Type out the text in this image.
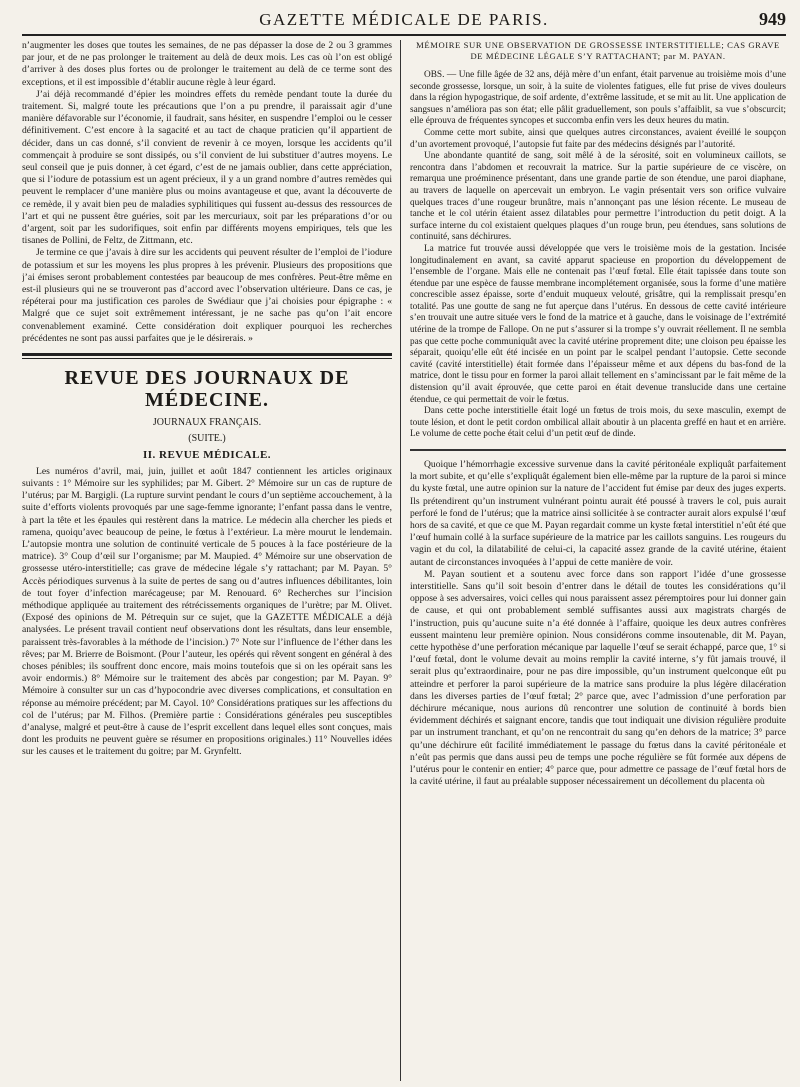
GAZETTE MÉDICALE DE PARIS.	949

n’augmenter les doses que toutes les semaines, de ne pas dépasser la dose de 2 ou 3 grammes par jour, et de ne pas prolonger le traitement au delà de deux mois. Les cas où l’on est obligé d’arriver à des doses plus fortes ou de prolonger le traitement au delà de ce terme sont des exceptions, et il est impossible d’établir aucune règle à leur égard.

J’ai déjà recommandé d’épier les moindres effets du remède pendant toute la durée du traitement. Si, malgré toute les précautions que l’on a pu prendre, il paraissait agir d’une manière défavorable sur l’économie, il faudrait, sans hésiter, en suspendre l’emploi ou le cesser définitivement. C’est encore à la sagacité et au tact de chaque praticien qu’il appartient de décider, dans un cas donné, s’il convient de revenir à ce moyen, lorsque les accidents qu’il commençait à produire se sont dissipés, ou s’il convient de lui substituer d’autres moyens. Le seul conseil que je puis donner, à cet égard, c’est de ne jamais oublier, dans cette appréciation, que si l’iodure de potassium est un agent précieux, il y a un grand nombre d’autres remèdes qui peuvent le remplacer d’une manière plus ou moins avantageuse et que, avant la découverte de ce remède, il y avait bien peu de maladies syphilitiques qui fussent au-dessus des ressources de l’art et qui ne pussent être guéries, soit par les mercuriaux, soit par les préparations d’or ou d’argent, soit par les sudorifiques, soit enfin par différents moyens empiriques, tels que les tisanes de Pollini, de Feltz, de Zittmann, etc.

Je termine ce que j’avais à dire sur les accidents qui peuvent résulter de l’emploi de l’iodure de potassium et sur les moyens les plus propres à les prévenir. Plusieurs des propositions que j’ai émises seront probablement contestées par beaucoup de mes confrères. Peut-être même en est-il plusieurs qui ne se trouveront pas d’accord avec l’observation ultérieure. Dans ce cas, je répéterai pour ma justification ces paroles de Swédiaur que j’ai choisies pour épigraphe : « Malgré que ce sujet soit extrêmement intéressant, je ne sache pas qu’on l’ait encore convenablement examiné. Cette considération doit expliquer pourquoi les recherches précédentes ne sont pas aussi parfaites que je le désirerais. »

REVUE DES JOURNAUX DE MÉDECINE.
JOURNAUX FRANÇAIS.
(SUITE.)
II. REVUE MÉDICALE.

Les numéros d’avril, mai, juin, juillet et août 1847 contiennent les articles originaux suivants : 1° Mémoire sur les syphilides; par M. Gibert. 2° Mémoire sur un cas de rupture de l’utérus; par M. Bargigli. (La rupture survint pendant le cours d’un septième accouchement, à la suite d’efforts violents provoqués par une sage-femme ignorante; l’enfant passa dans le ventre, à part la tête et les épaules qui restèrent dans la matrice. Le médecin alla chercher les pieds et ramena, quoiqu’avec beaucoup de peine, le fœtus à l’extérieur. La mère mourut le lendemain. L’autopsie montra une solution de continuité verticale de 5 pouces à la face postérieure de la matrice). 3° Coup d’œil sur l’organisme; par M. Maupied. 4° Mémoire sur une observation de grossesse utéro-interstitielle; cas grave de médecine légale s’y rattachant; par M. Payan. 5° Accès périodiques survenus à la suite de pertes de sang ou d’autres influences débilitantes, loin de tout foyer d’infection marécageuse; par M. Renouard. 6° Recherches sur l’incision méthodique appliquée au traitement des rétrécissements organiques de l’urètre; par M. Olivet. (Exposé des opinions de M. Pétrequin sur ce sujet, que la GAZETTE MÉDICALE a déjà analysées. Le présent travail contient neuf observations dont les résultats, dans leur ensemble, paraissent très-favorables à la méthode de l’incision.) 7° Note sur l’influence de l’éther dans les rêves; par M. Brierre de Boismont. (Pour l’auteur, les opérés qui rêvent songent en général à des choses pénibles; ils souffrent donc encore, mais moins toutefois que si on les opérait sans les avoir endormis.) 8° Mémoire sur le traitement des abcès par congestion; par M. Payan. 9° Mémoire à consulter sur un cas d’hypocondrie avec diverses complications, et consultation en réponse au mémoire précédent; par M. Cayol. 10° Considérations pratiques sur les affections du col de l’utérus; par M. Filhos. (Première partie : Considérations générales peu susceptibles d’analyse, malgré et peut-être à cause de l’esprit excellent dans lequel elles sont conçues, mais dont les produits ne peuvent guère se résumer en propositions originales.) 11° Nouvelles idées sur les causes et le traitement du goitre; par M. Grynfeltt.

MÉMOIRE SUR UNE OBSERVATION DE GROSSESSE INTERSTITIELLE; CAS GRAVE DE MÉDECINE LÉGALE S’Y RATTACHANT; par M. PAYAN.

OBS. — Une fille âgée de 32 ans, déjà mère d’un enfant, était parvenue au troisième mois d’une seconde grossesse, lorsque, un soir, à la suite de violentes fatigues, elle fut prise de vives douleurs dans la région hypogastrique, de soif ardente, d’extrême lassitude, et se mit au lit. Une application de sangsues n’améliora pas son état; elle pâlit graduellement, son pouls s’affaiblit, sa vue s’obscurcit; elle éprouva de fréquentes syncopes et succomba enfin vers les deux heures du matin.

Comme cette mort subite, ainsi que quelques autres circonstances, avaient éveillé le soupçon d’un avortement provoqué, l’autopsie fut faite par des médecins désignés par l’autorité.

Une abondante quantité de sang, soit mêlé à de la sérosité, soit en volumineux caillots, se rencontra dans l’abdomen et recouvrait la matrice. Sur la partie supérieure de ce viscère, on remarqua une proéminence présentant, dans une grande partie de son étendue, une paroi diaphane, au travers de laquelle on apercevait un embryon. Le vagin présentait vers son orifice vulvaire quelques traces d’une rougeur brunâtre, mais n’annonçant pas une lésion récente. Le museau de tanche et le col utérin étaient assez dilatables pour permettre l’introduction du petit doigt. A la surface interne du col existaient quelques plaques d’un rouge brun, peu étendues, sans solutions de continuité, sans déchirures.

La matrice fut trouvée aussi développée que vers le troisième mois de la gestation. Incisée longitudinalement en avant, sa cavité apparut spacieuse en proportion du développement de l’ensemble de l’organe. Mais elle ne contenait pas l’œuf fœtal. Elle était tapissée dans toute son étendue par une espèce de fausse membrane incomplétement organisée, sous la forme d’une matière concrescible assez épaisse, sorte d’enduit muqueux velouté, grisâtre, qui la remplissait presqu’en totalité. Pas une goutte de sang ne fut aperçue dans l’utérus. En dessous de cette cavité intérieure s’en trouvait une autre située vers le fond de la matrice et à gauche, dans le voisinage de l’extrémité utérine de la trompe de Fallope. On ne put s’assurer si la trompe s’y ouvrait réellement. Il ne sembla pas que cette poche communiquât avec la cavité utérine proprement dite; une cloison peu épaisse les séparait, quoiqu’elle eût été incisée en un point par le scalpel pendant l’autopsie. Cette seconde cavité (cavité interstitielle) était formée dans l’épaisseur même et aux dépens du bas-fond de la matrice, dont le tissu pour en former la paroi allait tellement en s’amincissant par le fait même de la distension qu’il avait éprouvée, que cette paroi en était devenue translucide dans une certaine étendue, ce qui permettait de voir le fœtus.

Dans cette poche interstitielle était logé un fœtus de trois mois, du sexe masculin, exempt de toute lésion, et dont le petit cordon ombilical allait aboutir à un placenta greffé en haut et en arrière. Le volume de cette poche était celui d’un petit œuf de dinde.

Quoique l’hémorrhagie excessive survenue dans la cavité péritonéale expliquât parfaitement la mort subite, et qu’elle s’expliquât également bien elle-même par la rupture de la paroi si mince du kyste fœtal, une autre opinion sur la nature de l’accident fut émise par deux des juges experts. Ils prétendirent qu’un instrument vulnérant pointu aurait été poussé à travers le col, puis aurait perforé le fond de l’utérus; que la matrice ainsi sollicitée à se contracter aurait alors expulsé l’œuf hors de sa cavité, et que ce que M. Payan regardait comme un kyste fœtal interstitiel n’eût été que l’œuf humain collé à la surface supérieure de la matrice par les caillots sanguins. Les rougeurs du vagin et du col, la dilatabilité de celui-ci, la capacité assez grande de la cavité utérine, étaient autant de circonstances invoquées à l’appui de cette manière de voir.

M. Payan soutient et a soutenu avec force dans son rapport l’idée d’une grossesse interstitielle. Sans qu’il soit besoin d’entrer dans le détail de toutes les considérations qu’il oppose à ses adversaires, voici celles qui nous paraissent assez péremptoires pour lui donner gain de cause, et qui ont probablement semblé suffisantes aussi aux magistrats chargés de l’instruction, puis qu’aucune suite n’a été donnée à l’affaire, quoique les deux autres confrères eussent maintenu leur première opinion. Nous considérons comme insoutenable, dit M. Payan, cette hypothèse d’une perforation mécanique par laquelle l’œuf se serait échappé, parce que, 1° si l’œuf fœtal, dont le volume devait au moins remplir la cavité interne, s’y fût jamais trouvé, il serait plus qu’extraordinaire, pour ne pas dire impossible, qu’un instrument quelconque eût pu atteindre et perforer la paroi supérieure de la matrice sans produire la plus légère dilacération dans les diverses parties de l’œuf fœtal; 2° parce que, avec l’admission d’une perforation par déchirure mécanique, nous aurions dû rencontrer une solution de continuité à bords bien évidemment déchirés et saignant encore, tandis que tout indiquait une division régulière produite par un instrument tranchant, et qu’on ne rencontrait du sang qu’en dehors de la matrice; 3° parce qu’une déchirure eût facilité immédiatement le passage du fœtus dans la cavité péritonéale et n’eût pas permis que dans aussi peu de temps une poche régulière se fût formée aux dépens de l’utérus pour le contenir en entier; 4° parce que, pour admettre ce passage de l’œuf fœtal hors de la cavité utérine, il faut au préalable supposer nécessairement un décollement du placenta où
